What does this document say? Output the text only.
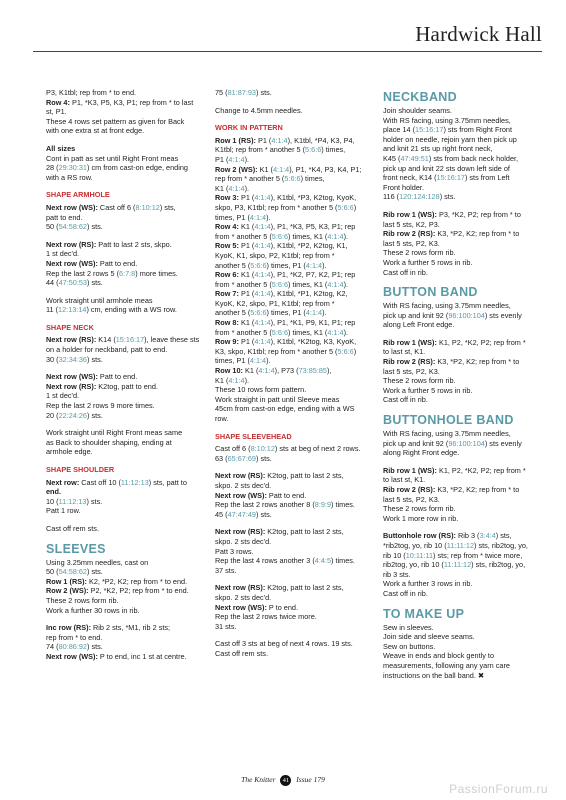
Hardwick Hall
P3, K1tbl; rep from * to end.
Row 4: P1, *K3, P5, K3, P1; rep from * to last
st, P1.
These 4 rows set pattern as given for Back
with one extra st at front edge.
All sizes
Cont in patt as set until Right Front meas
28 (29:30:31) cm from cast-on edge, ending
with a RS row.
SHAPE ARMHOLE
Next row (WS): Cast off 6 (8:10:12) sts,
patt to end.
50 (54:58:62) sts.
Next row (RS): Patt to last 2 sts, skpo.
1 st dec'd.
Next row (WS): Patt to end.
Rep the last 2 rows 5 (6:7:8) more times.
44 (47:50:53) sts.
Work straight until armhole meas
11 (12:13:14) cm, ending with a WS row.
SHAPE NECK
Next row (RS): K14 (15:16:17), leave these sts
on a holder for neckband, patt to end.
30 (32:34:36) sts.
Next row (WS): Patt to end.
Next row (RS): K2tog, patt to end.
1 st dec'd.
Rep the last 2 rows 9 more times.
20 (22:24:26) sts.
Work straight until Right Front meas same
as Back to shoulder shaping, ending at
armhole edge.
SHAPE SHOULDER
Next row: Cast off 10 (11:12:13) sts, patt to
end.
10 (11:12:13) sts.
Patt 1 row.
Cast off rem sts.
SLEEVES
Using 3.25mm needles, cast on
50 (54:58:62) sts.
Row 1 (RS): K2, *P2, K2; rep from * to end.
Row 2 (WS): P2, *K2, P2; rep from * to end.
These 2 rows form rib.
Work a further 30 rows in rib.
Inc row (RS): Rib 2 sts, *M1, rib 2 sts;
rep from * to end.
74 (80:86:92) sts.
Next row (WS): P to end, inc 1 st at centre.
75 (81:87:93) sts.
Change to 4.5mm needles.
WORK IN PATTERN
Row 1 (RS): P1 (4:1:4), K1tbl, *P4, K3, P4,
K1tbl; rep from * another 5 (5:6:6) times,
P1 (4:1:4).
Row 2 (WS): K1 (4:1:4), P1, *K4, P3, K4, P1;
rep from * another 5 (5:6:6) times,
K1 (4:1:4).
Row 3: P1 (4:1:4), K1tbl, *P3, K2tog, KyoK,
skpo, P3, K1tbl; rep from * another 5 (5:6:6)
times, P1 (4:1:4).
Row 4: K1 (4:1:4), P1, *K3, P5, K3, P1; rep
from * another 5 (5:6:6) times, K1 (4:1:4).
Row 5: P1 (4:1:4), K1tbl, *P2, K2tog, K1,
KyoK, K1, skpo, P2, K1tbl; rep from *
another 5 (5:6:6) times, P1 (4:1:4).
Row 6: K1 (4:1:4), P1, *K2, P7, K2, P1; rep
from * another 5 (5:6:6) times, K1 (4:1:4).
Row 7: P1 (4:1:4), K1tbl, *P1, K2tog, K2,
KyoK, K2, skpo, P1, K1tbl; rep from *
another 5 (5:6:6) times, P1 (4:1:4).
Row 8: K1 (4:1:4), P1, *K1, P9, K1, P1; rep
from * another 5 (5:6:6) times, K1 (4:1:4).
Row 9: P1 (4:1:4), K1tbl, *K2tog, K3, KyoK,
K3, skpo, K1tbl; rep from * another 5 (5:6:6)
times, P1 (4:1:4).
Row 10: K1 (4:1:4), P73 (73:85:85),
K1 (4:1:4).
These 10 rows form pattern.
Work straight in patt until Sleeve meas
45cm from cast-on edge, ending with a WS
row.
SHAPE SLEEVEHEAD
Cast off 6 (8:10:12) sts at beg of next 2 rows.
63 (65:67:69) sts.
Next row (RS): K2tog, patt to last 2 sts,
skpo. 2 sts dec'd.
Next row (WS): Patt to end.
Rep the last 2 rows another 8 (8:9:9) times.
45 (47:47:49) sts.
Next row (RS): K2tog, patt to last 2 sts,
skpo. 2 sts dec'd.
Patt 3 rows.
Rep the last 4 rows another 3 (4:4:5) times.
37 sts.
Next row (RS): K2tog, patt to last 2 sts,
skpo. 2 sts dec'd.
Next row (WS): P to end.
Rep the last 2 rows twice more.
31 sts.
Cast off 3 sts at beg of next 4 rows. 19 sts.
Cast off rem sts.
NECKBAND
Join shoulder seams.
With RS facing, using 3.75mm needles,
place 14 (15:16:17) sts from Right Front
holder on needle, rejoin yarn then pick up
and knit 21 sts up right front neck,
K45 (47:49:51) sts from back neck holder,
pick up and knit 22 sts down left side of
front neck, K14 (15:16:17) sts from Left
Front holder.
116 (120:124:128) sts.
Rib row 1 (WS): P3, *K2, P2; rep from * to
last 5 sts, K2, P3.
Rib row 2 (RS): K3, *P2, K2; rep from * to
last 5 sts, P2, K3.
These 2 rows form rib.
Work a further 5 rows in rib.
Cast off in rib.
BUTTON BAND
With RS facing, using 3.75mm needles,
pick up and knit 92 (96:100:104) sts evenly
along Left Front edge.
Rib row 1 (WS): K1, P2, *K2, P2; rep from *
to last st, K1.
Rib row 2 (RS): K3, *P2, K2; rep from * to
last 5 sts, P2, K3.
These 2 rows form rib.
Work a further 5 rows in rib.
Cast off in rib.
BUTTONHOLE BAND
With RS facing, using 3.75mm needles,
pick up and knit 92 (96:100:104) sts evenly
along Right Front edge.
Rib row 1 (WS): K1, P2, *K2, P2; rep from *
to last st, K1.
Rib row 2 (RS): K3, *P2, K2; rep from * to
last 5 sts, P2, K3.
These 2 rows form rib.
Work 1 more row in rib.
Buttonhole row (RS): Rib 3 (3:4:4) sts,
*rib2tog, yo, rib 10 (11:11:12) sts, rib2tog, yo,
rib 10 (10:11:11) sts; rep from * twice more,
rib2tog, yo, rib 10 (11:11:12) sts, rib2tog, yo,
rib 3 sts.
Work a further 3 rows in rib.
Cast off in rib.
TO MAKE UP
Sew in sleeves.
Join side and sleeve seams.
Sew on buttons.
Weave in ends and block gently to
measurements, following any yarn care
instructions on the ball band. ✖
The Knitter 41 Issue 179
PassionForum.ru
